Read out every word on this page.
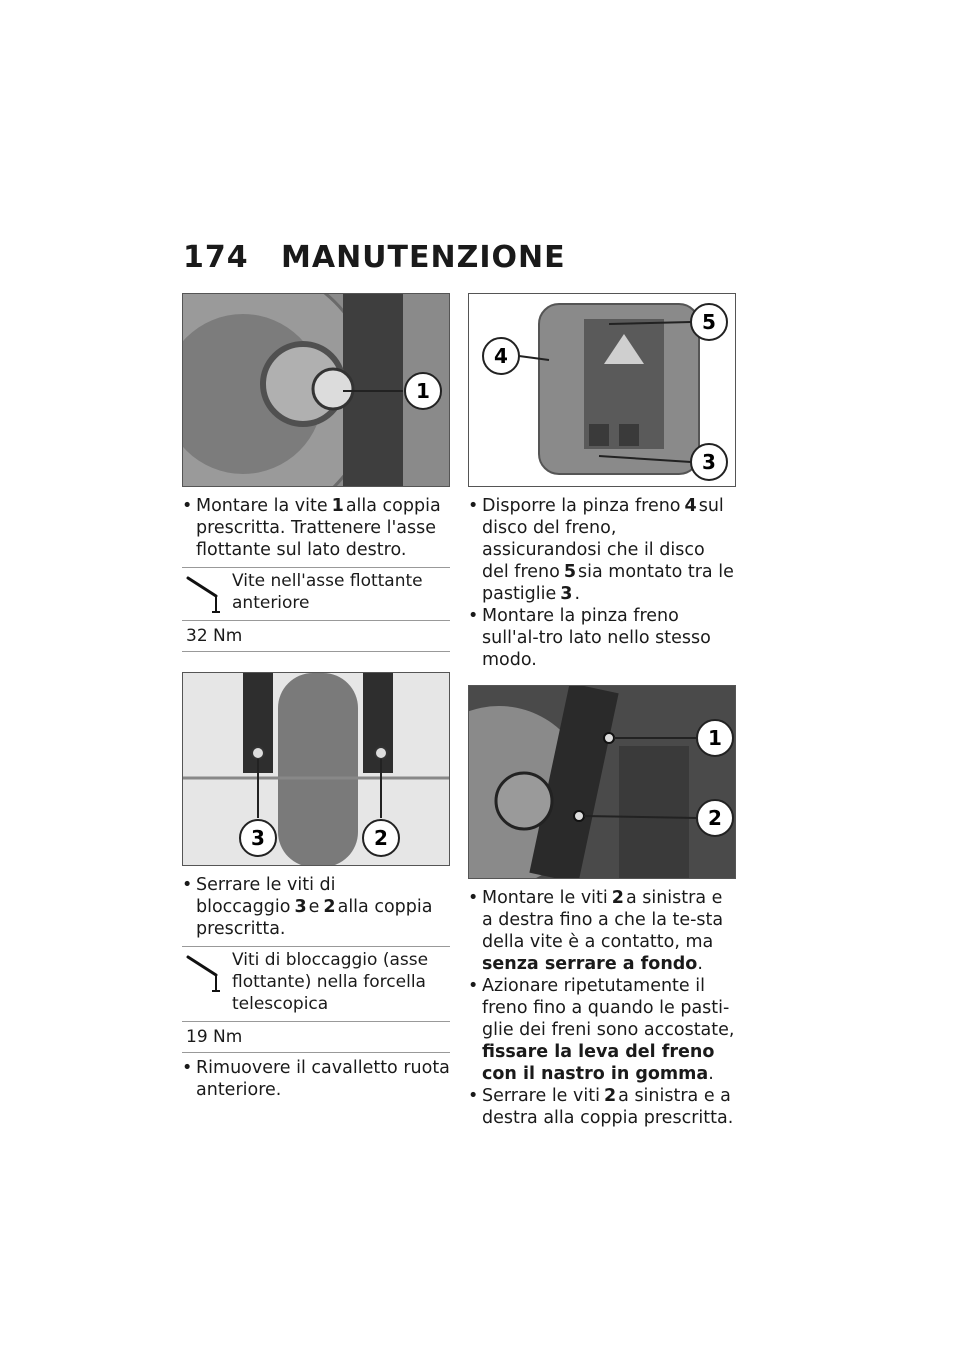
174	MANUTENZIONE
1
• Montare la vite 1 alla coppia prescritta. Trattenere l'asse flottante sul lato destro.
Vite nell'asse flottante anteriore
32 Nm
3	2
• Serrare le viti di bloccaggio 3 e 2 alla coppia prescritta.
Viti di bloccaggio (asse flottante) nella forcella telescopica
19 Nm
• Rimuovere il cavalletto ruota anteriore.
4
5
3
• Disporre la pinza freno 4 sul disco del freno, assicurandosi che il disco del freno 5 sia montato tra le pastiglie 3 .
• Montare la pinza freno sull'al-tro lato nello stesso modo.
1
2
• Montare le viti 2 a sinistra e a destra fino a che la te-sta della vite è a contatto, ma senza serrare a fondo.
• Azionare ripetutamente il freno fino a quando le pasti-glie dei freni sono accostate, fissare la leva del freno con il nastro in gomma.
• Serrare le viti 2 a sinistra e a destra alla coppia prescritta.
